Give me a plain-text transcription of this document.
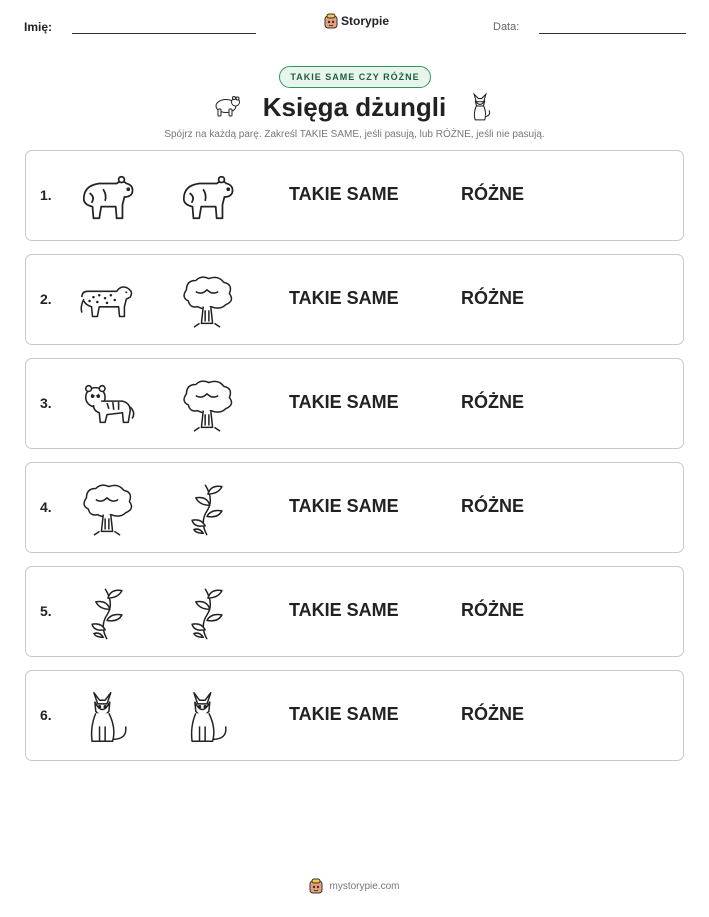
Imię:	Storypie	Data:
TAKIE SAME CZY RÓŻNE
Księga dżungli
Spójrz na każdą parę. Zakreśl TAKIE SAME, jeśli pasują, lub RÓŻNE, jeśli nie pasują.
1.	TAKIE SAME	RÓŻNE
2.	TAKIE SAME	RÓŻNE
3.	TAKIE SAME	RÓŻNE
4.	TAKIE SAME	RÓŻNE
5.	TAKIE SAME	RÓŻNE
6.	TAKIE SAME	RÓŻNE
mystorypie.com
